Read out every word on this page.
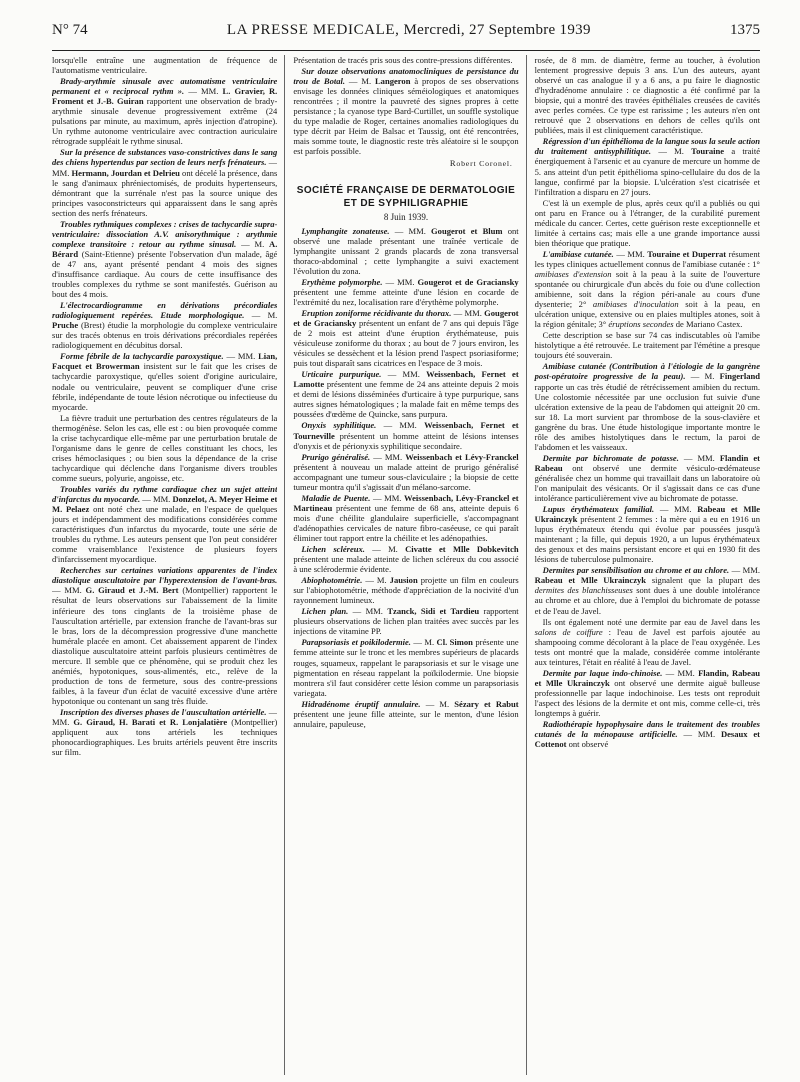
N° 74	LA PRESSE MEDICALE, Mercredi, 27 Septembre 1939	1375

lorsqu'elle entraîne une augmentation de fréquence de l'automatisme ventriculaire.

Brady-arythmie sinusale avec automatisme ventriculaire permanent et « reciprocal rythm ». — MM. L. Gravier, R. Froment et J.-B. Guiran rapportent une observation de brady-arythmie sinusale devenue progressivement extrême (24 pulsations par minute, au maximum, après injection d'atropine). Un rythme autonome ventriculaire avec contraction auriculaire rétrograde suppléait le rythme sinusal.

Sur la présence de substances vaso-constrictives dans le sang des chiens hypertendus par section de leurs nerfs frénateurs. — MM. Hermann, Jourdan et Delrieu ont décelé la présence, dans le sang d'animaux phréniectomisés, de produits hypertenseurs, démontrant que la surrénale n'est pas la source unique des principes vasoconstricteurs qui apparaissent dans le sang après section des nerfs frénateurs.

Troubles rythmiques complexes : crises de tachycardie supra-ventriculaire: dissociation A.V. anisorythmique : arythmie complexe transitoire : retour au rythme sinusal. — M. A. Bérard (Saint-Etienne) présente l'observation d'un malade, âgé de 47 ans, ayant présenté pendant 4 mois des signes d'insuffisance cardiaque. Au cours de cette insuffisance des troubles complexes du rythme se sont manifestés. Guérison au bout des 4 mois.

L'électrocardiogramme en dérivations précordiales radiologiquement repérées. Etude morphologique. — M. Pruche (Brest) étudie la morphologie du complexe ventriculaire sur des tracés obtenus en trois dérivations précordiales repérées radiologiquement en décubitus dorsal.

Forme fébrile de la tachycardie paroxystique. — MM. Lian, Facquet et Browerman insistent sur le fait que les crises de tachycardie paroxystique, qu'elles soient d'origine auriculaire, nodale ou ventriculaire, peuvent se compliquer d'une crise fébrile, indépendante de toute lésion nécrotique ou infectieuse du myocarde.

La fièvre traduit une perturbation des centres régulateurs de la thermogénèse. Selon les cas, elle est : ou bien provoquée comme la crise tachycardique elle-même par une perturbation brutale de l'organisme dans le genre de celles constituant les chocs, les crises hémoclasiques ; ou bien sous la dépendance de la crise tachycardique qui déclenche dans l'organisme divers troubles comme sueurs, polyurie, angoisse, etc.

Troubles variés du rythme cardiaque chez un sujet atteint d'infarctus du myocarde. — MM. Donzelot, A. Meyer Heime et M. Pelaez ont noté chez une malade, en l'espace de quelques jours et indépendamment des modifications considérées comme caractéristiques d'un infarctus du myocarde, toute une série de troubles du rythme. Les auteurs pensent que l'on peut considérer comme vraisemblance l'existence de plusieurs foyers d'infarcissement myocardique.

Recherches sur certaines variations apparentes de l'index diastolique auscultatoire par l'hyperextension de l'avant-bras. — MM. G. Giraud et J.-M. Bert (Montpellier) rapportent le résultat de leurs observations sur l'abaissement de la limite inférieure des tons cinglants de la troisième phase de l'auscultation artérielle, par extension franche de l'avant-bras sur le bras, lors de la décompression progressive d'une manchette humérale placée en amont. Cet abaissement apparent de l'index diastolique auscultatoire atteint parfois plusieurs centimètres de mercure. Il semble que ce phénomène, qui se produit chez les anémiés, hypotoniques, sous-alimentés, etc., relève de la production de tons de fermeture, sous des contre-pressions faibles, à la faveur d'un éclat de vacuité excessive d'une artère hypotonique ou contenant un sang très fluide.

Inscription des diverses phases de l'auscultation artérielle. — MM. G. Giraud, H. Barati et R. Lonjalatière (Montpellier) appliquent aux tons artériels les techniques phonocardiographiques. Les bruits artériels peuvent être inscrits sur film.

Présentation de tracés pris sous des contre-pressions différentes.

Sur douze observations anatomocliniques de persistance du trou de Botal. — M. Langeron à propos de ses observations envisage les données cliniques séméiologiques et anatomiques rencontrées ; il montre la pauvreté des signes propres à cette persistance ; la cyanose type Bard-Curtillet, un souffle systolique du type maladie de Roger, certaines anomalies radiologiques du type décrit par Heim de Balsac et Taussig, ont été rencontrées, mais somme toute, le diagnostic reste très aléatoire si le soupçon est parfois possible.

Robert Coronel.
SOCIÉTÉ FRANÇAISE DE DERMATOLOGIE ET DE SYPHILIGRAPHIE
8 Juin 1939.

Lymphangite zonateuse. — MM. Gougerot et Blum ont observé une malade présentant une traînée verticale de lymphangite unissant 2 grands placards de zona transversal thoraco-abdominal ; cette lymphangite a suivi exactement l'évolution du zona.

Erythème polymorphe. — MM. Gougerot et de Graciansky présentent une femme atteinte d'une lésion en cocarde de l'extrémité du nez, localisation rare d'érythème polymorphe.

Eruption zoniforme récidivante du thorax. — MM. Gougerot et de Graciansky présentent un enfant de 7 ans qui depuis l'âge de 2 mois est atteint d'une éruption érythémateuse, puis vésiculeuse zoniforme du thorax ; au bout de 7 jours environ, les vésicules se dessèchent et la lésion prend l'aspect psoriasiforme; puis tout disparaît sans cicatrices en l'espace de 3 mois.

Urticaire purpurique. — MM. Weissenbach, Fernet et Lamotte présentent une femme de 24 ans atteinte depuis 2 mois et demi de lésions disséminées d'urticaire à type purpurique, sans autres signes hématologiques ; la malade fait en même temps des poussées d'œdème de Quincke, sans purpura.

Onyxis syphilitique. — MM. Weissenbach, Fernet et Tourneville présentent un homme atteint de lésions intenses d'onyxis et de périonyxis syphilitique secondaire.

Prurigo généralisé. — MM. Weissenbach et Lévy-Franckel présentent à nouveau un malade atteint de prurigo généralisé accompagnant une tumeur sous-claviculaire ; la biopsie de cette tumeur montra qu'il s'agissait d'un mélano-sarcome.

Maladie de Puente. — MM. Weissenbach, Lévy-Franckel et Martineau présentent une femme de 68 ans, atteinte depuis 6 mois d'une chéilite glandulaire superficielle, s'accompagnant d'adénopathies cervicales de nature fibro-caséeuse, ce qui paraît éliminer tout rapport entre la chéilite et les adénopathies.

Lichen scléreux. — M. Civatte et Mlle Dobkevitch présentent une malade atteinte de lichen scléreux du cou associé à une sclérodermie évidente.

Abiophotométrie. — M. Jausion projette un film en couleurs sur l'abiophotométrie, méthode d'appréciation de la nocivité d'un rayonnement lumineux.

Lichen plan. — MM. Tzanck, Sidi et Tardieu rapportent plusieurs observations de lichen plan traitées avec succès par les injections de vitamine PP.

Parapsoriasis et poikilodermie. — M. Cl. Simon présente une femme atteinte sur le tronc et les membres supérieurs de placards rouges, squameux, rappelant le parapsoriasis et sur le visage une pigmentation en réseau rappelant la poïkilodermie. Une biopsie montrera s'il faut considérer cette lésion comme un parapsoriasis variegata.

Hidradénome éruptif annulaire. — M. Sézary et Rabut présentent une jeune fille atteinte, sur le menton, d'une lésion annulaire, papuleuse,

rosée, de 8 mm. de diamètre, ferme au toucher, à évolution lentement progressive depuis 3 ans. L'un des auteurs, ayant observé un cas analogue il y a 6 ans, a pu faire le diagnostic d'hydradénome annulaire : ce diagnostic a été confirmé par la biopsie, qui a montré des travées épithéliales creusées de cavités avec perles cornées. Ce type est rarissime ; les auteurs n'en ont retrouvé que 2 observations en dehors de celles qu'ils ont publiées, mais il est cliniquement caractéristique.

Régression d'un épithélioma de la langue sous la seule action du traitement antisyphilitique. — M. Touraine a traité énergiquement à l'arsenic et au cyanure de mercure un homme de 5. ans atteint d'un petit épithélioma spino-cellulaire du dos de la langue, confirmé par la biopsie. L'ulcération s'est cicatrisée et l'infiltration a disparu en 27 jours.

C'est là un exemple de plus, après ceux qu'il a publiés ou qui ont paru en France ou à l'étranger, de la curabilité purement médicale du cancer. Certes, cette guérison reste exceptionnelle et limitée à certains cas; mais elle a une grande importance aussi bien théorique que pratique.

L'amibiase cutanée. — MM. Touraine et Duperrat résument les types cliniques actuellement connus de l'amibiase cutanée : 1° amibiases d'extension soit à la peau à la suite de l'ouverture spontanée ou chirurgicale d'un abcès du foie ou d'une collection amibienne, soit dans la région péri-anale au cours d'une dysenterie; 2° amibiases d'inoculation soit à la peau, en ulcération unique, extensive ou en plaies multiples atones, soit à la région génitale; 3° éruptions secondes de Mariano Castex.

Cette description se base sur 74 cas indiscutables où l'amibe histolytique a été retrouvée. Le traitement par l'émétine a presque toujours été souverain.

Amibiase cutanée (Contribution à l'étiologie de la gangrène post-opératoire progressive de la peau). — M. Fingerland rapporte un cas très étudié de rétrécissement amibien du rectum. Une colostomie nécessitée par une occlusion fut suivie d'une ulcération extensive de la peau de l'abdomen qui atteignit 20 cm. sur 18. La mort survient par thrombose de la sous-clavière et gangrène du bras. Une étude histologique importante montre le rôle des amibes histolytiques dans le rectum, la paroi de l'abdomen et les vaisseaux.

Dermite par bichromate de potasse. — MM. Flandin et Rabeau ont observé une dermite vésiculo-œdémateuse généralisée chez un homme qui travaillait dans un laboratoire où l'on manipulait des vésicants. Or il s'agissait dans ce cas d'une intolérance particulièrement vive au bichromate de potasse.

Lupus érythémateux familial. — MM. Rabeau et Mlle Ukrainczyk présentent 2 femmes : la mère qui a eu en 1916 un lupus érythémateux étendu qui évolue par poussées jusqu'à maintenant ; la fille, qui depuis 1920, a un lupus érythémateux des genoux et des mains persistant encore et qui en 1930 fit des lésions de tuberculose pulmonaire.

Dermites par sensibilisation au chrome et au chlore. — MM. Rabeau et Mlle Ukrainczyk signalent que la plupart des dermites des blanchisseuses sont dues à une double intolérance au chrome et au chlore, due à l'emploi du bichromate de potasse et de l'eau de Javel.

Ils ont également noté une dermite par eau de Javel dans les salons de coiffure : l'eau de Javel est parfois ajoutée au shampooing comme décolorant à la place de l'eau oxygénée. Les tests ont montré que la malade, considérée comme intolérante aux teintures, l'était en réalité à l'eau de Javel.

Dermite par laque indo-chinoise. — MM. Flandin, Rabeau et Mlle Ukrainczyk ont observé une dermite aiguë bulleuse professionnelle par laque indochinoise. Les tests ont reproduit l'aspect des lésions de la dermite et ont mis, comme celle-ci, très longtemps à guérir.

Radiothérapie hypophysaire dans le traitement des troubles cutanés de la ménopause artificielle. — MM. Desaux et Cottenot ont observé
